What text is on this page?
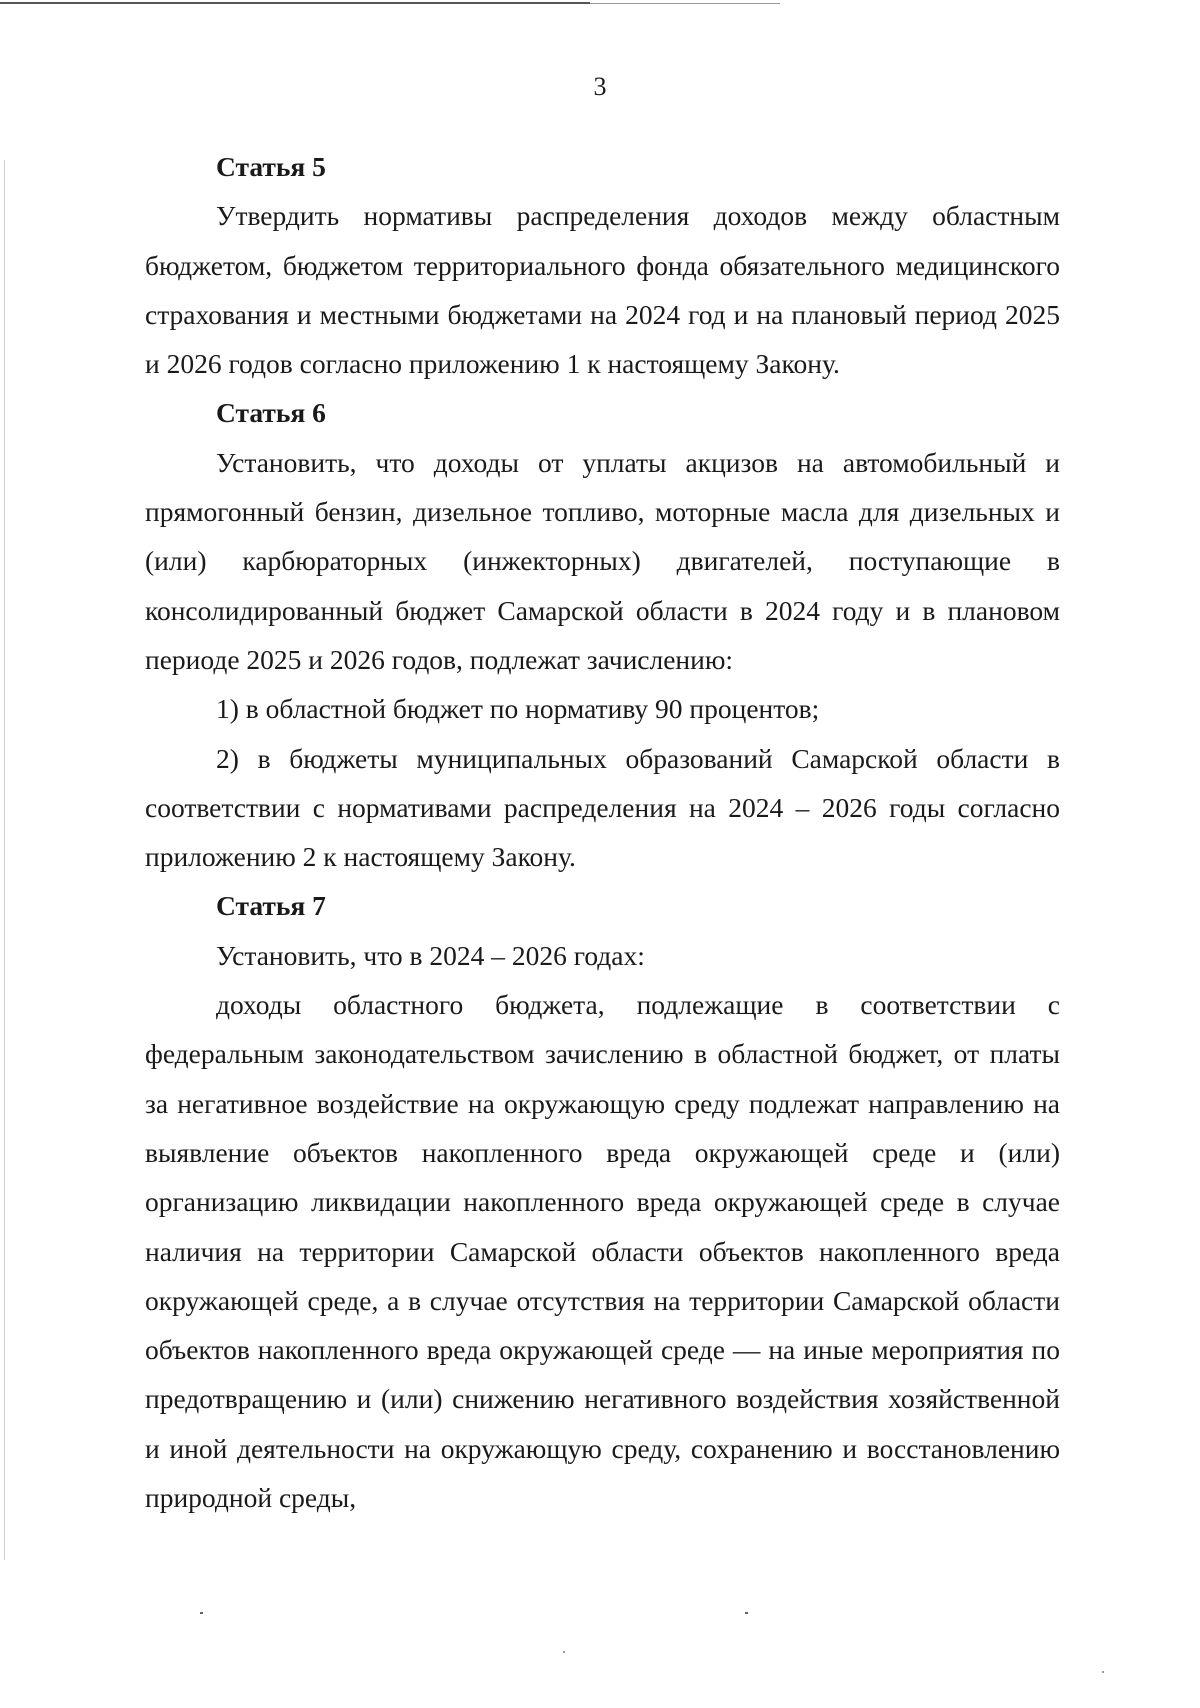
3

Статья 5

Утвердить нормативы распределения доходов между областным бюджетом, бюджетом территориального фонда обязательного медицинского страхования и местными бюджетами на 2024 год и на плановый период 2025 и 2026 годов согласно приложению 1 к настоящему Закону.

Статья 6

Установить, что доходы от уплаты акцизов на автомобильный и прямогонный бензин, дизельное топливо, моторные масла для дизельных и (или) карбюраторных (инжекторных) двигателей, поступающие в консолидированный бюджет Самарской области в 2024 году и в плановом периоде 2025 и 2026 годов, подлежат зачислению:

1) в областной бюджет по нормативу 90 процентов;

2) в бюджеты муниципальных образований Самарской области в соответствии с нормативами распределения на 2024 – 2026 годы согласно приложению 2 к настоящему Закону.

Статья 7

Установить, что в 2024 – 2026 годах:

доходы областного бюджета, подлежащие в соответствии с федеральным законодательством зачислению в областной бюджет, от платы за негативное воздействие на окружающую среду подлежат направлению на выявление объектов накопленного вреда окружающей среде и (или) организацию ликвидации накопленного вреда окружающей среде в случае наличия на территории Самарской области объектов накопленного вреда окружающей среде, а в случае отсутствия на территории Самарской области объектов накопленного вреда окружающей среде — на иные мероприятия по предотвращению и (или) снижению негативного воздействия хозяйственной и иной деятельности на окружающую среду, сохранению и восстановлению природной среды,
